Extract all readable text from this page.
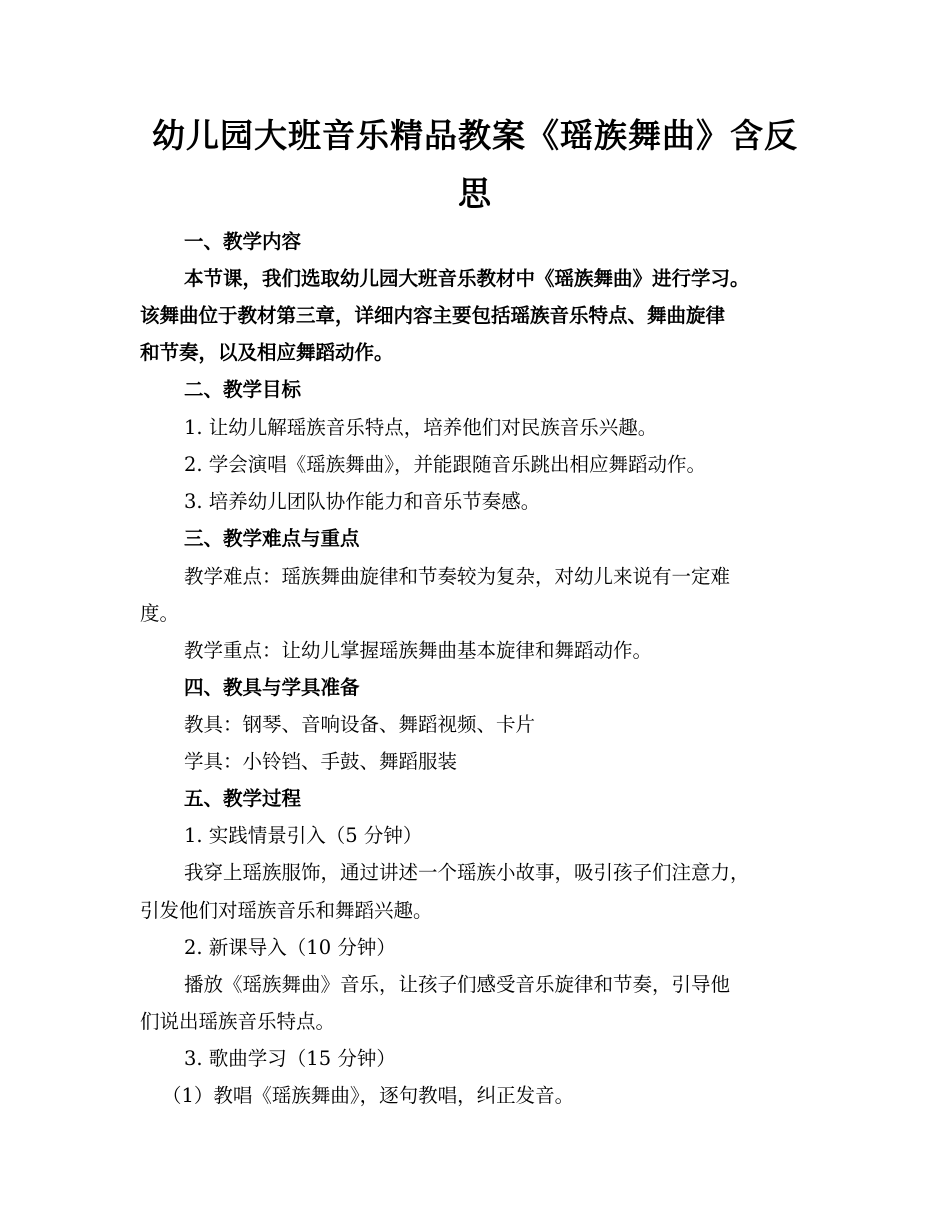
幼儿园大班音乐精品教案《瑶族舞曲》含反
思
一、教学内容
本节课，我们选取幼儿园大班音乐教材中《瑶族舞曲》进行学习。
该舞曲位于教材第三章，详细内容主要包括瑶族音乐特点、舞曲旋律
和节奏，以及相应舞蹈动作。
二、教学目标
1. 让幼儿解瑶族音乐特点，培养他们对民族音乐兴趣。
2. 学会演唱《瑶族舞曲》，并能跟随音乐跳出相应舞蹈动作。
3. 培养幼儿团队协作能力和音乐节奏感。
三、教学难点与重点
教学难点：瑶族舞曲旋律和节奏较为复杂，对幼儿来说有一定难
度。
教学重点：让幼儿掌握瑶族舞曲基本旋律和舞蹈动作。
四、教具与学具准备
教具：钢琴、音响设备、舞蹈视频、卡片
学具：小铃铛、手鼓、舞蹈服装
五、教学过程
1. 实践情景引入（5 分钟）
我穿上瑶族服饰，通过讲述一个瑶族小故事，吸引孩子们注意力，
引发他们对瑶族音乐和舞蹈兴趣。
2. 新课导入（10 分钟）
播放《瑶族舞曲》音乐，让孩子们感受音乐旋律和节奏，引导他
们说出瑶族音乐特点。
3. 歌曲学习（15 分钟）
（1）教唱《瑶族舞曲》，逐句教唱，纠正发音。
